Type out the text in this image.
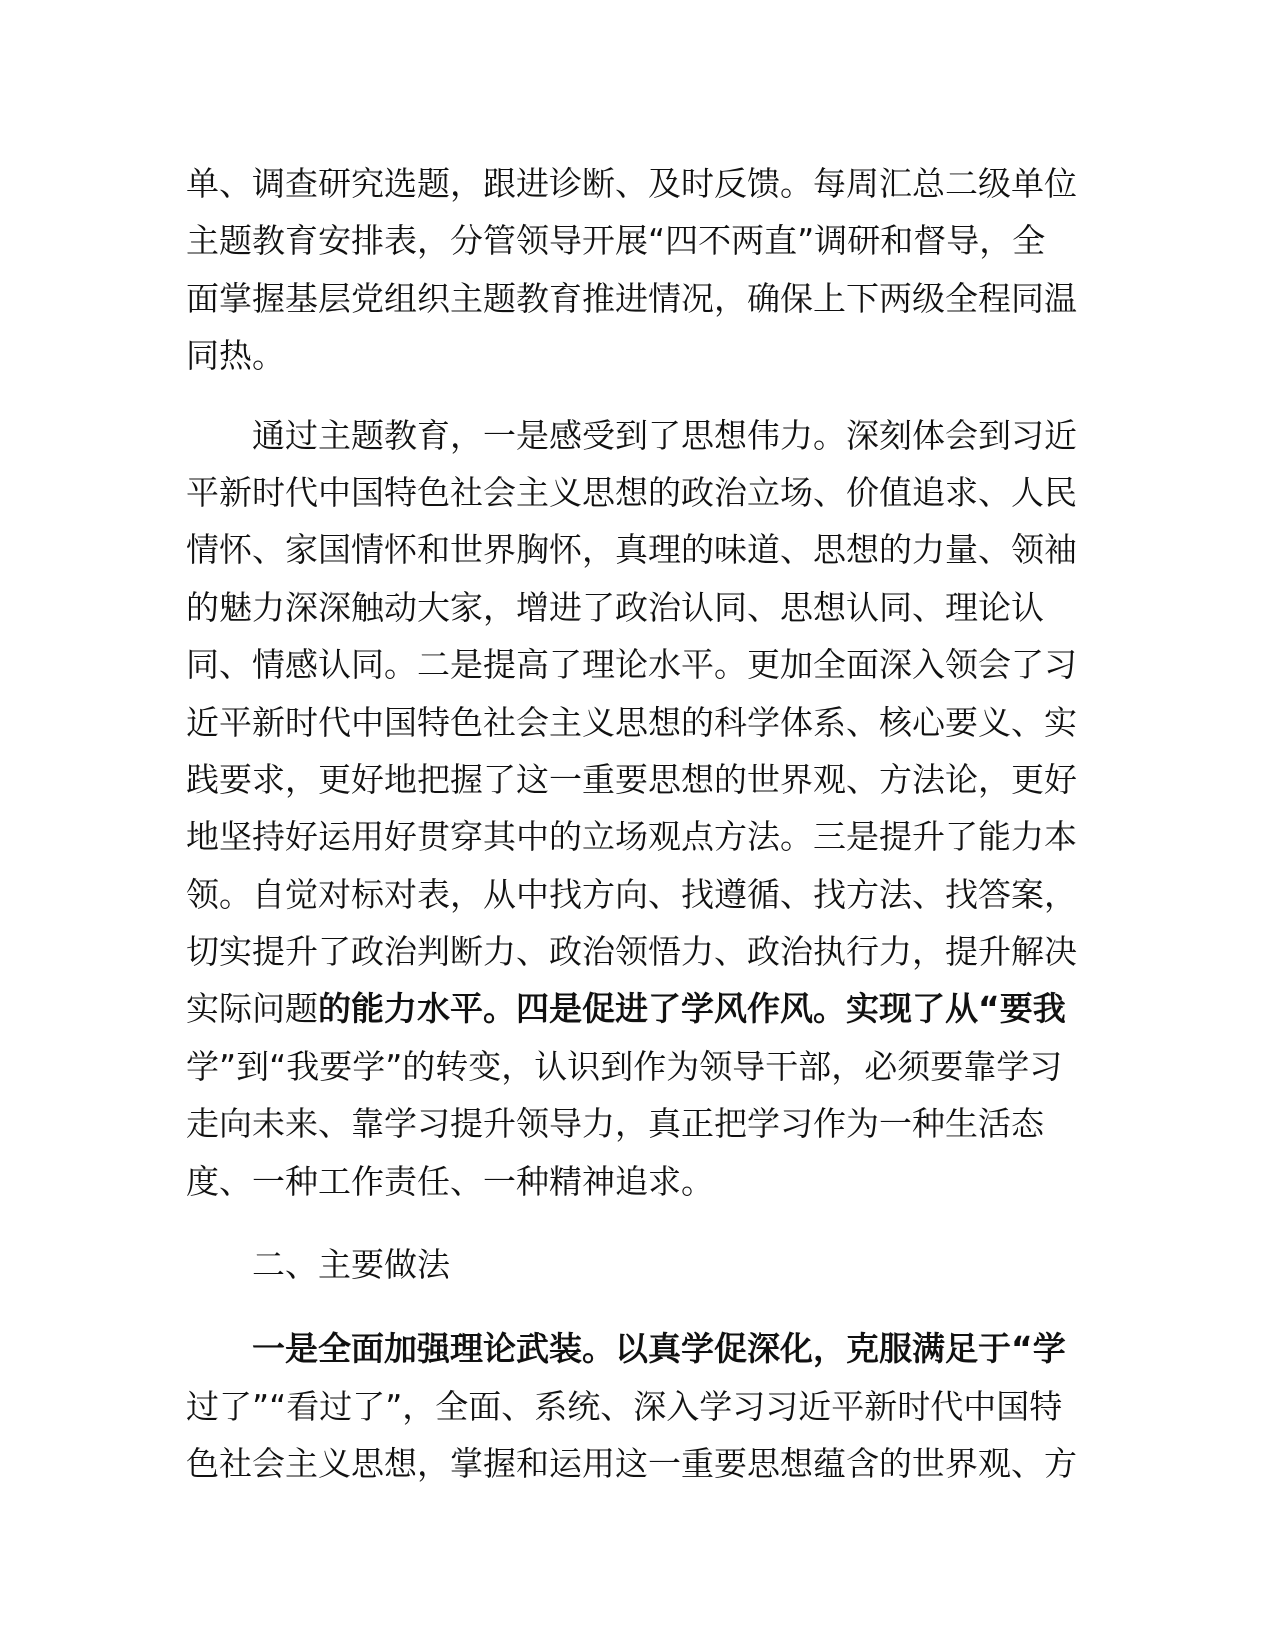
单、调查研究选题，跟进诊断、及时反馈。每周汇总二级单位
主题教育安排表，分管领导开展“四不两直”调研和督导，全
面掌握基层党组织主题教育推进情况，确保上下两级全程同温
同热。
通过主题教育，一是感受到了思想伟力。深刻体会到习近
平新时代中国特色社会主义思想的政治立场、价值追求、人民
情怀、家国情怀和世界胸怀，真理的味道、思想的力量、领袖
的魅力深深触动大家，增进了政治认同、思想认同、理论认
同、情感认同。二是提高了理论水平。更加全面深入领会了习
近平新时代中国特色社会主义思想的科学体系、核心要义、实
践要求，更好地把握了这一重要思想的世界观、方法论，更好
地坚持好运用好贯穿其中的立场观点方法。三是提升了能力本
领。自觉对标对表，从中找方向、找遵循、找方法、找答案，
切实提升了政治判断力、政治领悟力、政治执行力，提升解决
实际问题的能力水平。四是促进了学风作风。实现了从“要我
学”到“我要学”的转变，认识到作为领导干部，必须要靠学习
走向未来、靠学习提升领导力，真正把学习作为一种生活态
度、一种工作责任、一种精神追求。
二、主要做法
一是全面加强理论武装。以真学促深化，克服满足于“学
过了”“看过了”，全面、系统、深入学习习近平新时代中国特
色社会主义思想，掌握和运用这一重要思想蕴含的世界观、方
